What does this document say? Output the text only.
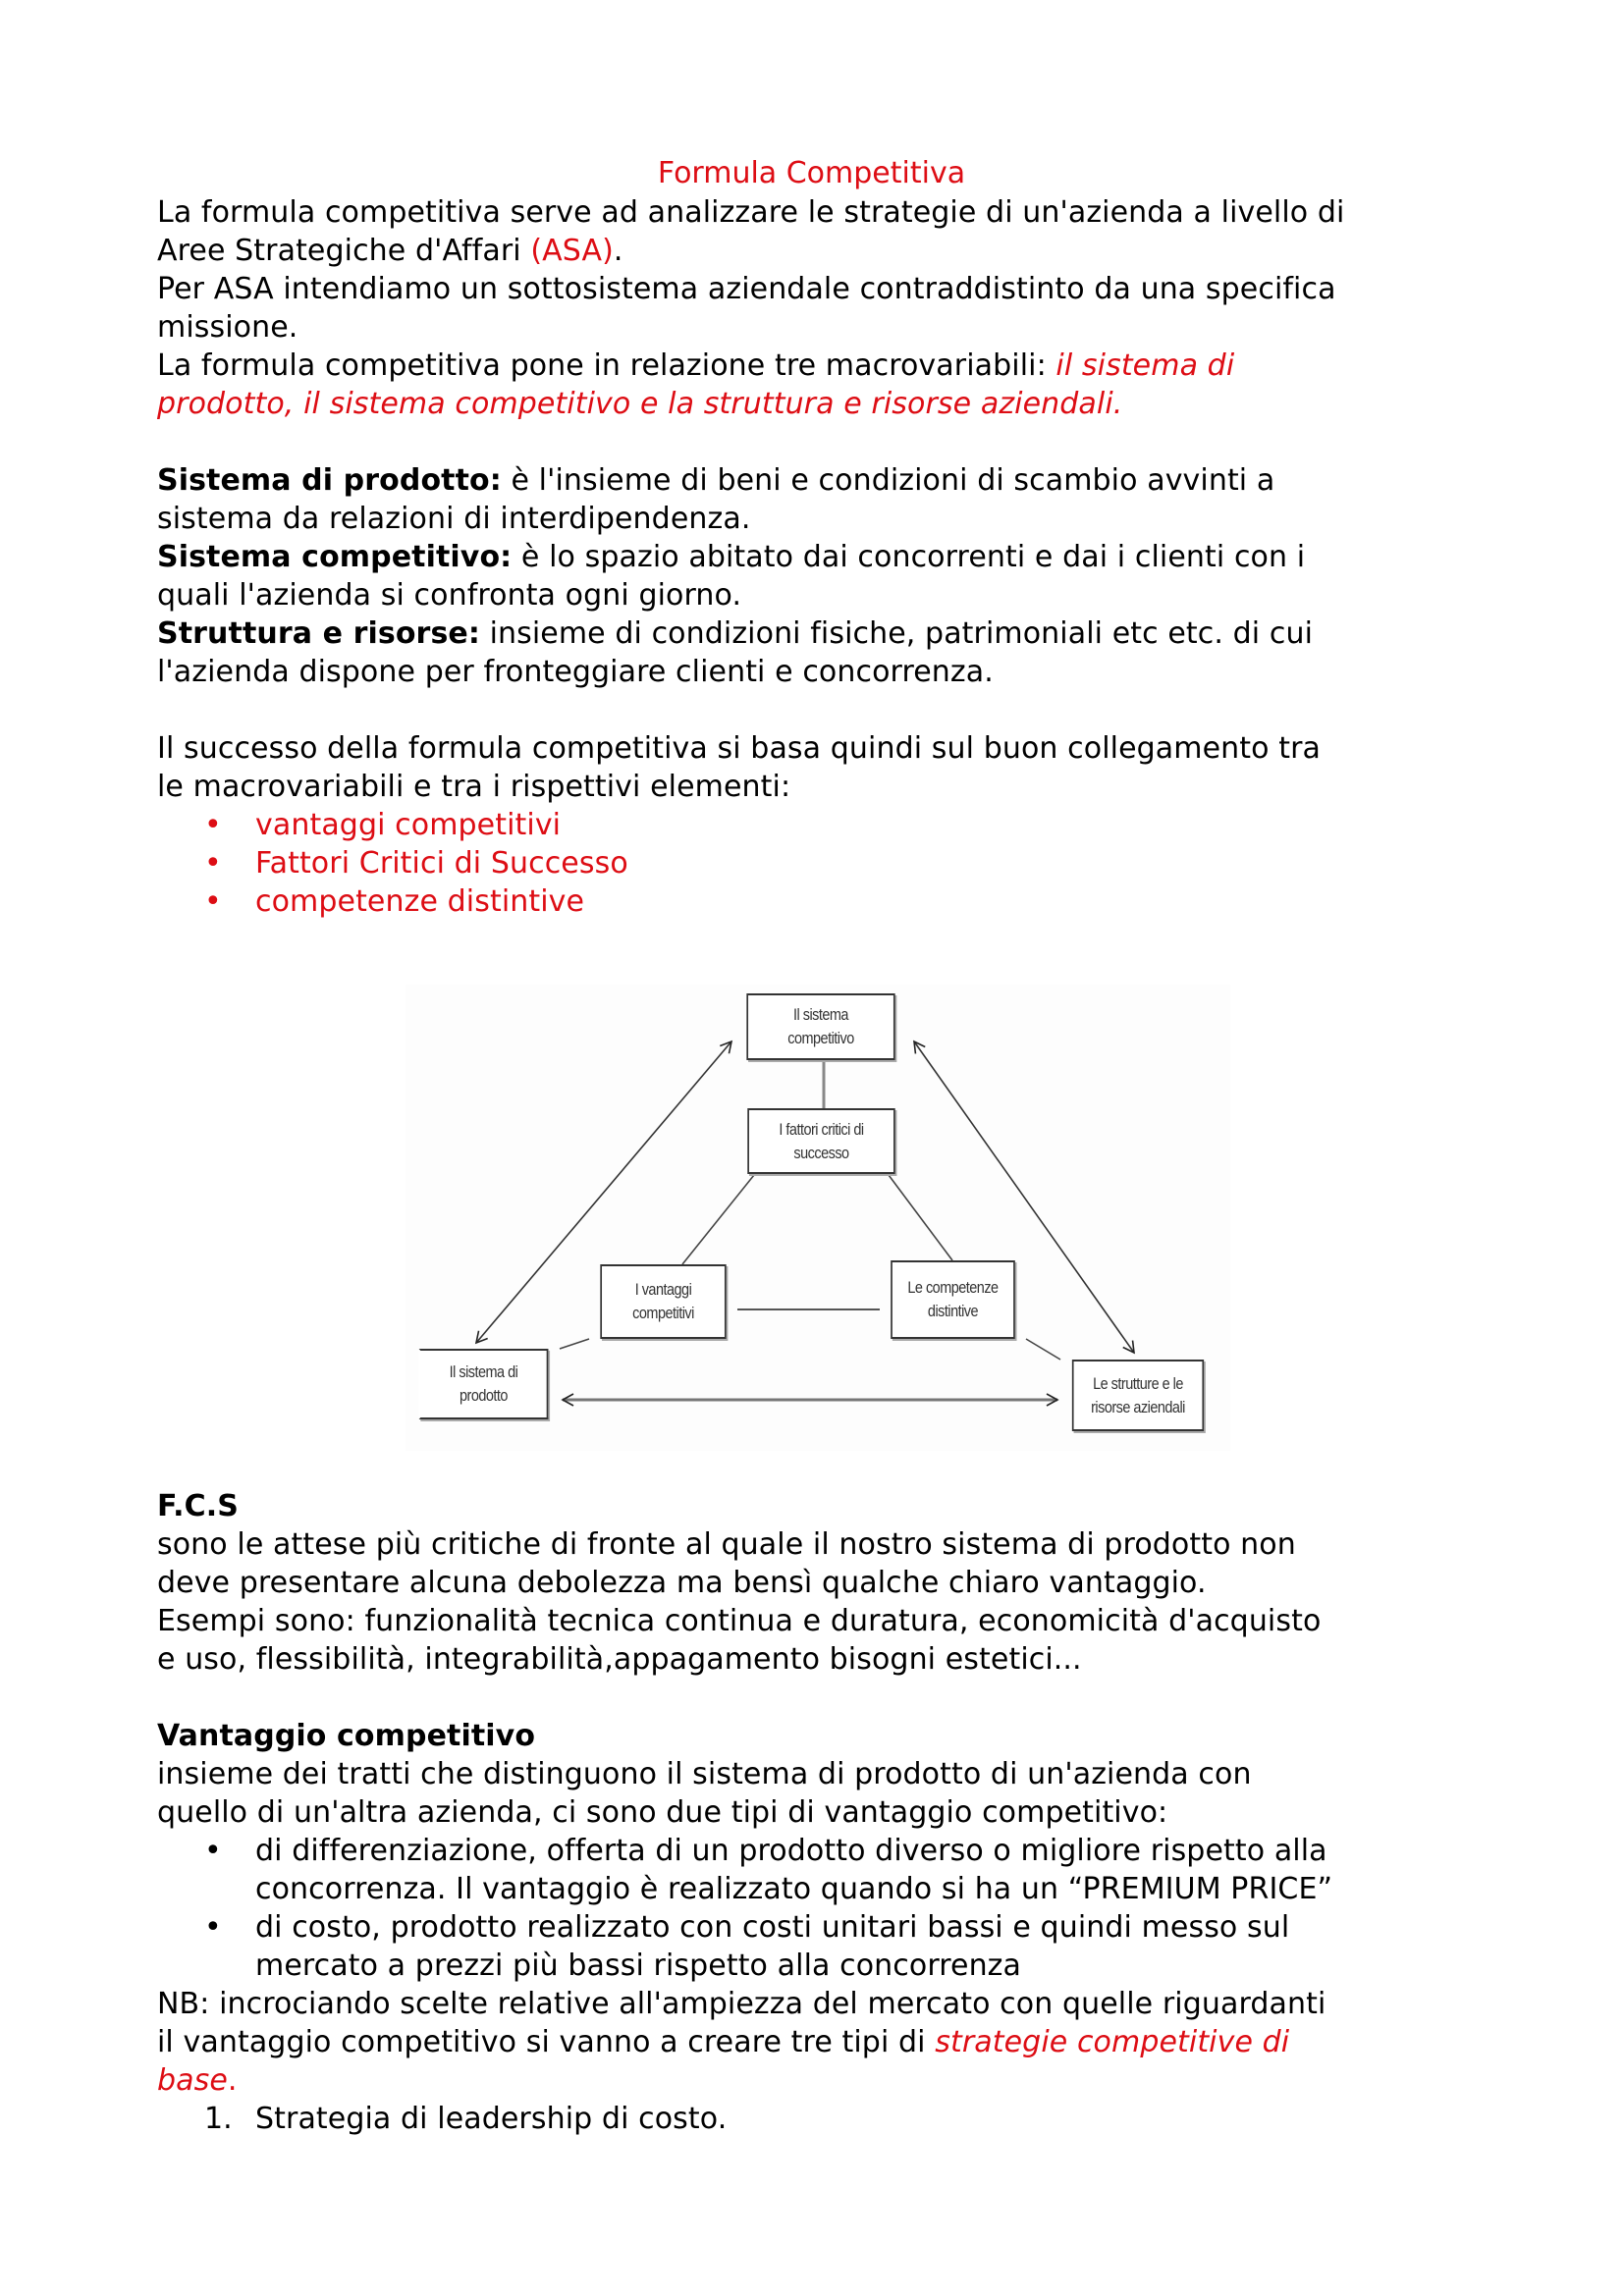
Formula Competitiva
La formula competitiva serve ad analizzare le strategie di un'azienda a livello di
Aree Strategiche d'Affari (ASA).
Per ASA intendiamo un sottosistema aziendale contraddistinto da una specifica
missione.
La formula competitiva pone in relazione tre macrovariabili: il sistema di
prodotto, il sistema competitivo e la struttura e risorse aziendali.
Sistema di prodotto: è l'insieme di beni e condizioni di scambio avvinti a
sistema da relazioni di interdipendenza.
Sistema competitivo: è lo spazio abitato dai concorrenti e dai i clienti con i
quali l'azienda si confronta ogni giorno.
Struttura e risorse: insieme di condizioni fisiche, patrimoniali etc etc. di cui
l'azienda dispone per fronteggiare clienti e concorrenza.
Il successo della formula competitiva si basa quindi sul buon collegamento tra
le macrovariabili e tra i rispettivi elementi:
• vantaggi competitivi
• Fattori Critici di Successo
• competenze distintive
Il sistema
competitivo
I fattori critici di
successo
I vantaggi
competitivi
Le competenze
distintive
Il sistema di
prodotto
Le strutture e le
risorse aziendali
F.C.S
sono le attese più critiche di fronte al quale il nostro sistema di prodotto non
deve presentare alcuna debolezza ma bensì qualche chiaro vantaggio.
Esempi sono: funzionalità tecnica continua e duratura, economicità d'acquisto
e uso, flessibilità, integrabilità,appagamento bisogni estetici...
Vantaggio competitivo
insieme dei tratti che distinguono il sistema di prodotto di un'azienda con
quello di un'altra azienda, ci sono due tipi di vantaggio competitivo:
• di differenziazione, offerta di un prodotto diverso o migliore rispetto alla
concorrenza. Il vantaggio è realizzato quando si ha un “PREMIUM PRICE”
• di costo, prodotto realizzato con costi unitari bassi e quindi messo sul
mercato a prezzi più bassi rispetto alla concorrenza
NB: incrociando scelte relative all'ampiezza del mercato con quelle riguardanti
il vantaggio competitivo si vanno a creare tre tipi di strategie competitive di
base.
1. Strategia di leadership di costo.
